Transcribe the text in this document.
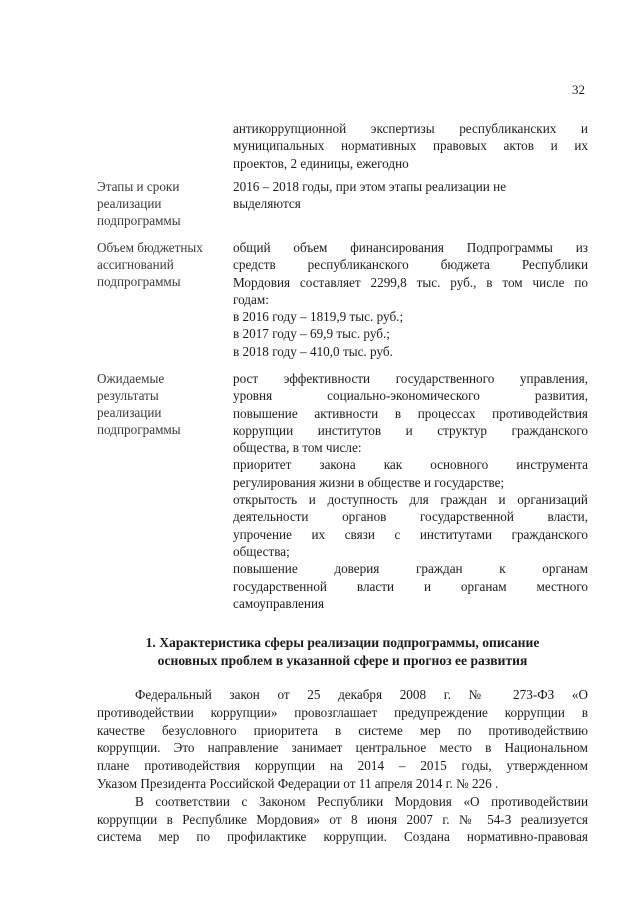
32
антикоррупционной экспертизы республиканских и
муниципальных нормативных правовых актов и их
проектов, 2 единицы, ежегодно
Этапы и сроки
реализации
подпрограммы
2016 – 2018 годы, при этом этапы реализации не
выделяются
Объем бюджетных
ассигнований
подпрограммы
общий объем финансирования Подпрограммы из
средств республиканского бюджета Республики
Мордовия составляет 2299,8 тыс. руб., в том числе по
годам:
в 2016 году – 1819,9 тыс. руб.;
в 2017 году – 69,9 тыс. руб.;
в 2018 году – 410,0 тыс. руб.
Ожидаемые
результаты
реализации
подпрограммы
рост эффективности государственного управления,
уровня социально-экономического развития,
повышение активности в процессах противодействия
коррупции институтов и структур гражданского
общества, в том числе:
приоритет закона как основного инструмента
регулирования жизни в обществе и государстве;
открытость и доступность для граждан и организаций
деятельности органов государственной власти,
упрочение их связи с институтами гражданского
общества;
повышение доверия граждан к органам
государственной власти и органам местного
самоуправления
1. Характеристика сферы реализации подпрограммы, описание
основных проблем в указанной сфере и прогноз ее развития
Федеральный закон от 25 декабря 2008 г. № 273-ФЗ «О
противодействии коррупции» провозглашает предупреждение коррупции в
качестве безусловного приоритета в системе мер по противодействию
коррупции. Это направление занимает центральное место в Национальном
плане противодействия коррупции на 2014 – 2015 годы, утвержденном
Указом Президента Российской Федерации от 11 апреля 2014 г. № 226 .
В соответствии с Законом Республики Мордовия «О противодействии
коррупции в Республике Мордовия» от 8 июня 2007 г. № 54-З реализуется
система мер по профилактике коррупции. Создана нормативно-правовая
